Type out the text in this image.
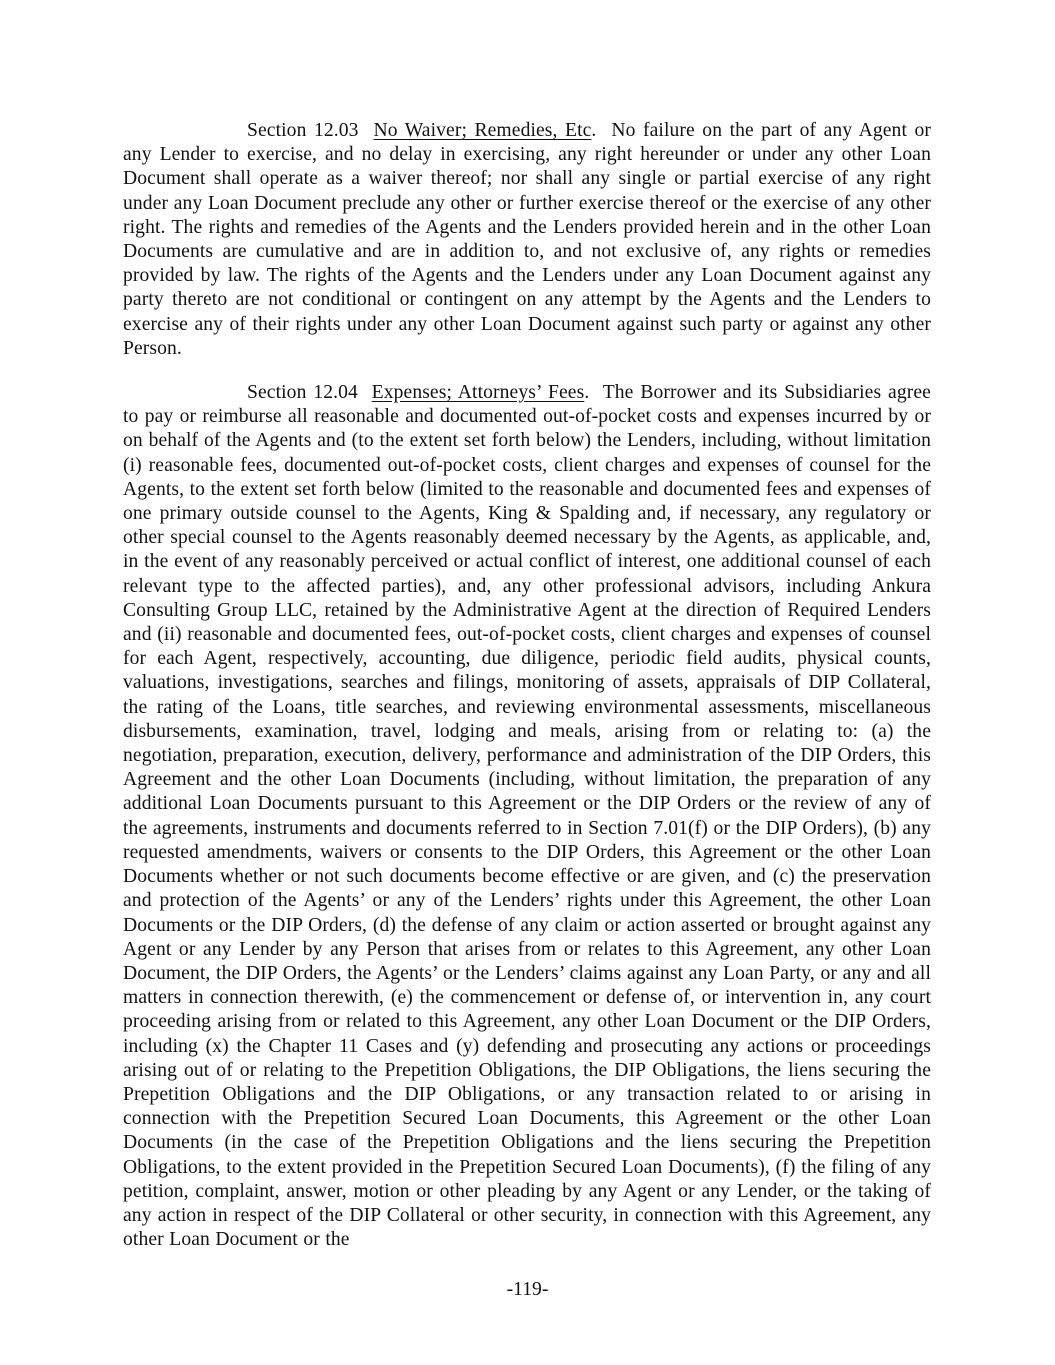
Section 12.03 No Waiver; Remedies, Etc. No failure on the part of any Agent or any Lender to exercise, and no delay in exercising, any right hereunder or under any other Loan Document shall operate as a waiver thereof; nor shall any single or partial exercise of any right under any Loan Document preclude any other or further exercise thereof or the exercise of any other right. The rights and remedies of the Agents and the Lenders provided herein and in the other Loan Documents are cumulative and are in addition to, and not exclusive of, any rights or remedies provided by law. The rights of the Agents and the Lenders under any Loan Document against any party thereto are not conditional or contingent on any attempt by the Agents and the Lenders to exercise any of their rights under any other Loan Document against such party or against any other Person.

Section 12.04 Expenses; Attorneys’ Fees. The Borrower and its Subsidiaries agree to pay or reimburse all reasonable and documented out-of-pocket costs and expenses incurred by or on behalf of the Agents and (to the extent set forth below) the Lenders, including, without limitation (i) reasonable fees, documented out-of-pocket costs, client charges and expenses of counsel for the Agents, to the extent set forth below (limited to the reasonable and documented fees and expenses of one primary outside counsel to the Agents, King & Spalding and, if necessary, any regulatory or other special counsel to the Agents reasonably deemed necessary by the Agents, as applicable, and, in the event of any reasonably perceived or actual conflict of interest, one additional counsel of each relevant type to the affected parties), and, any other professional advisors, including Ankura Consulting Group LLC, retained by the Administrative Agent at the direction of Required Lenders and (ii) reasonable and documented fees, out-of-pocket costs, client charges and expenses of counsel for each Agent, respectively, accounting, due diligence, periodic field audits, physical counts, valuations, investigations, searches and filings, monitoring of assets, appraisals of DIP Collateral, the rating of the Loans, title searches, and reviewing environmental assessments, miscellaneous disbursements, examination, travel, lodging and meals, arising from or relating to: (a) the negotiation, preparation, execution, delivery, performance and administration of the DIP Orders, this Agreement and the other Loan Documents (including, without limitation, the preparation of any additional Loan Documents pursuant to this Agreement or the DIP Orders or the review of any of the agreements, instruments and documents referred to in Section 7.01(f) or the DIP Orders), (b) any requested amendments, waivers or consents to the DIP Orders, this Agreement or the other Loan Documents whether or not such documents become effective or are given, and (c) the preservation and protection of the Agents’ or any of the Lenders’ rights under this Agreement, the other Loan Documents or the DIP Orders, (d) the defense of any claim or action asserted or brought against any Agent or any Lender by any Person that arises from or relates to this Agreement, any other Loan Document, the DIP Orders, the Agents’ or the Lenders’ claims against any Loan Party, or any and all matters in connection therewith, (e) the commencement or defense of, or intervention in, any court proceeding arising from or related to this Agreement, any other Loan Document or the DIP Orders, including (x) the Chapter 11 Cases and (y) defending and prosecuting any actions or proceedings arising out of or relating to the Prepetition Obligations, the DIP Obligations, the liens securing the Prepetition Obligations and the DIP Obligations, or any transaction related to or arising in connection with the Prepetition Secured Loan Documents, this Agreement or the other Loan Documents (in the case of the Prepetition Obligations and the liens securing the Prepetition Obligations, to the extent provided in the Prepetition Secured Loan Documents), (f) the filing of any petition, complaint, answer, motion or other pleading by any Agent or any Lender, or the taking of any action in respect of the DIP Collateral or other security, in connection with this Agreement, any other Loan Document or the

-119-
